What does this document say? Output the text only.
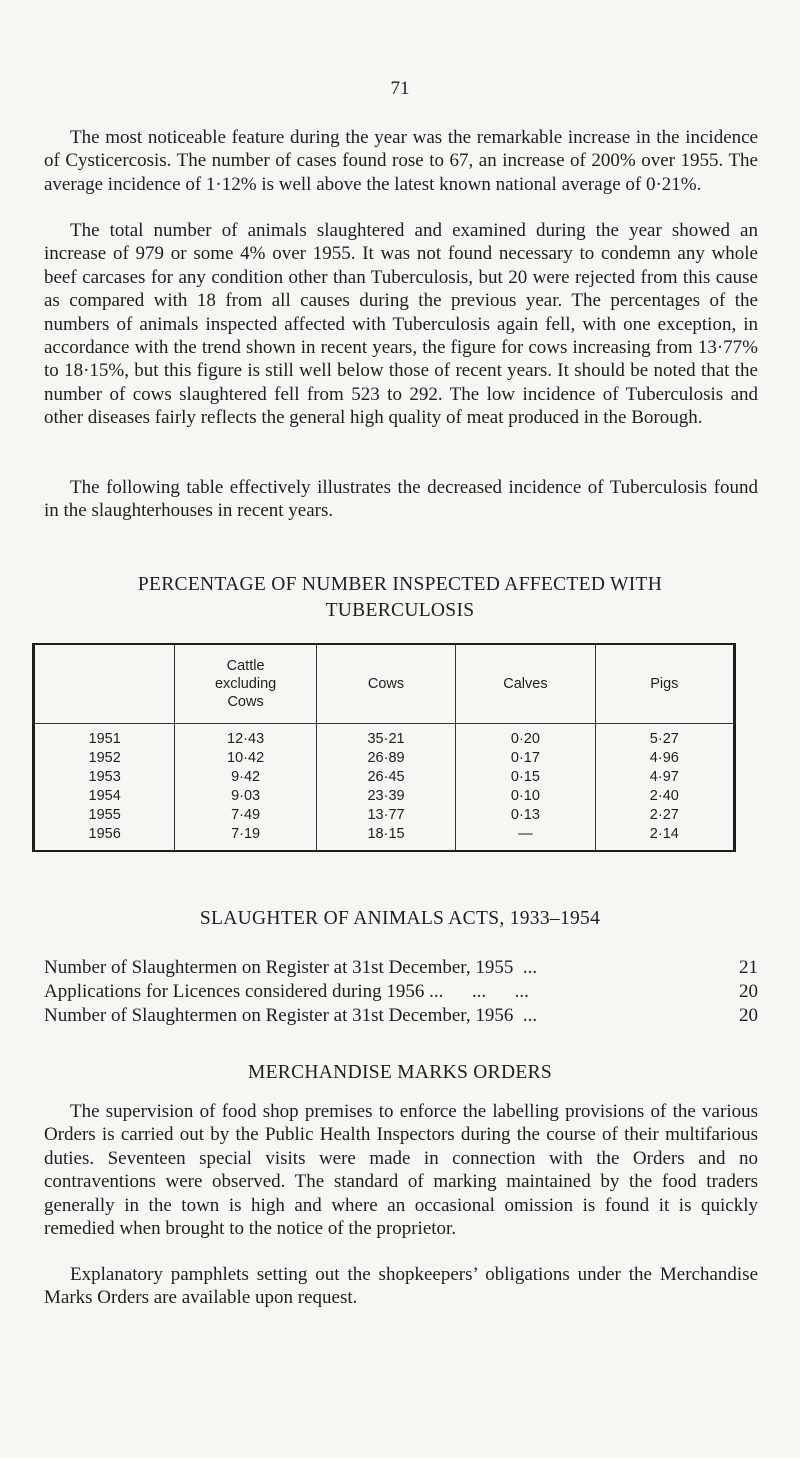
71

The most noticeable feature during the year was the remarkable increase in the incidence of Cysticercosis. The number of cases found rose to 67, an increase of 200% over 1955. The average incidence of 1·12% is well above the latest known national average of 0·21%.

The total number of animals slaughtered and examined during the year showed an increase of 979 or some 4% over 1955. It was not found necessary to condemn any whole beef carcases for any condition other than Tuberculosis, but 20 were rejected from this cause as compared with 18 from all causes during the previous year. The percentages of the numbers of animals inspected affected with Tuberculosis again fell, with one exception, in accordance with the trend shown in recent years, the figure for cows increasing from 13·77% to 18·15%, but this figure is still well below those of recent years. It should be noted that the number of cows slaughtered fell from 523 to 292. The low incidence of Tuberculosis and other diseases fairly reflects the general high quality of meat produced in the Borough.

The following table effectively illustrates the decreased incidence of Tuberculosis found in the slaughterhouses in recent years.

PERCENTAGE OF NUMBER INSPECTED AFFECTED WITH
TUBERCULOSIS

	Cattle
excluding
Cows	Cows	Calves	Pigs
1951	12·43	35·21	0·20	5·27
1952	10·42	26·89	0·17	4·96
1953	9·42	26·45	0·15	4·97
1954	9·03	23·39	0·10	2·40
1955	7·49	13·77	0·13	2·27
1956	7·19	18·15	—	2·14
SLAUGHTER OF ANIMALS ACTS, 1933–1954
Number of Slaughtermen on Register at 31st December, 1955  ...	21
Applications for Licences considered during 1956 ...      ...      ...	20
Number of Slaughtermen on Register at 31st December, 1956  ...	20
MERCHANDISE MARKS ORDERS

The supervision of food shop premises to enforce the labelling provisions of the various Orders is carried out by the Public Health Inspectors during the course of their multifarious duties. Seventeen special visits were made in connection with the Orders and no contraventions were observed. The standard of marking maintained by the food traders generally in the town is high and where an occasional omission is found it is quickly remedied when brought to the notice of the proprietor.

Explanatory pamphlets setting out the shopkeepers’ obligations under the Merchandise Marks Orders are available upon request.
